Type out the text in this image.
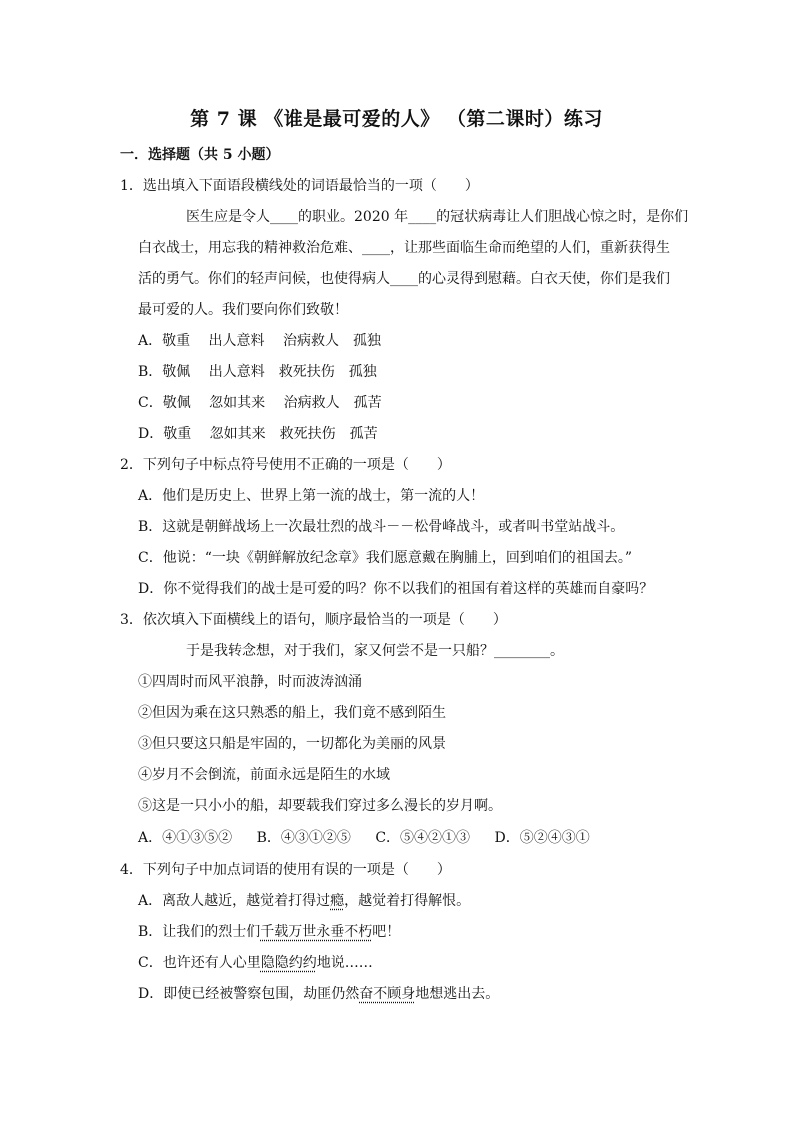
第 7 课 《谁是最可爱的人》 （第二课时）练习
一．选择题（共 5 小题）
1．选出填入下面语段横线处的词语最恰当的一项（　　）
医生应是令人____的职业。2020 年____的冠状病毒让人们胆战心惊之时，是你们
白衣战士，用忘我的精神救治危难、____，让那些面临生命而绝望的人们，重新获得生
活的勇气。你们的轻声问候，也使得病人____的心灵得到慰藉。白衣天使，你们是我们
最可爱的人。我们要向你们致敬！
A．敬重　 出人意料　 治病救人　孤独
B．敬佩　 出人意料　救死扶伤　孤独
C．敬佩　 忽如其来　 治病救人　孤苦
D．敬重　 忽如其来　救死扶伤　孤苦
2．下列句子中标点符号使用不正确的一项是（　　）
A．他们是历史上、世界上第一流的战士，第一流的人！
B．这就是朝鲜战场上一次最壮烈的战斗－－松骨峰战斗，或者叫书堂站战斗。
C．他说：“一块《朝鲜解放纪念章》我们愿意戴在胸脯上，回到咱们的祖国去。”
D．你不觉得我们的战士是可爱的吗？你不以我们的祖国有着这样的英雄而自豪吗？
3．依次填入下面横线上的语句，顺序最恰当的一项是（　　）
于是我转念想，对于我们，家又何尝不是一只船？________。
①四周时而风平浪静，时而波涛汹涌
②但因为乘在这只熟悉的船上，我们竟不感到陌生
③但只要这只船是牢固的，一切都化为美丽的风景
④岁月不会倒流，前面永远是陌生的水域
⑤这是一只小小的船，却要载我们穿过多么漫长的岁月啊。
A．④①③⑤② B．④③①②⑤ C．⑤④②①③ D．⑤②④③①
4．下列句子中加点词语的使用有误的一项是（　　）
A．离敌人越近，越觉着打得过瘾，越觉着打得解恨。
B．让我们的烈士们千载万世永垂不朽吧！
C．也许还有人心里隐隐约约地说……
D．即使已经被警察包围，劫匪仍然奋不顾身地想逃出去。
